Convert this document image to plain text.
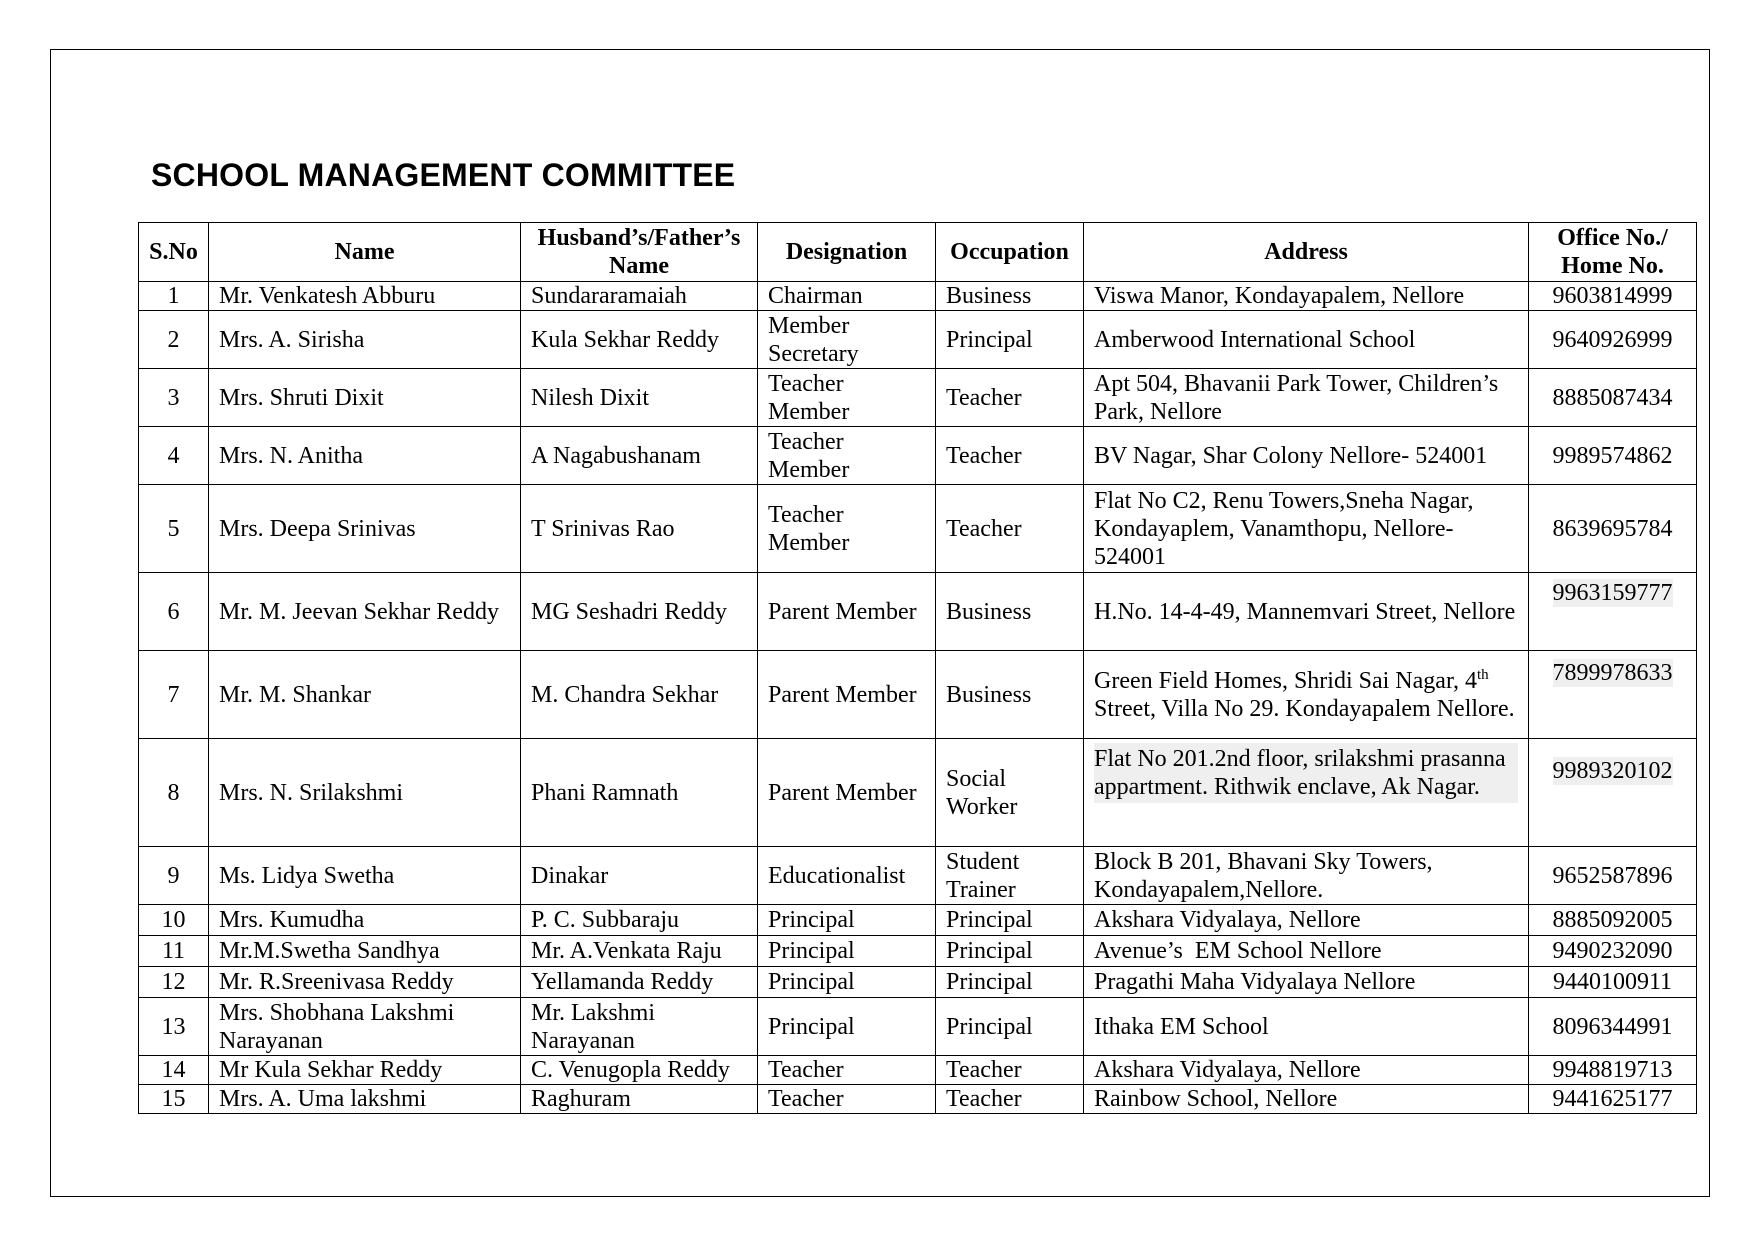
SCHOOL MANAGEMENT COMMITTEE
S.No	Name	Husband’s/Father’s Name	Designation	Occupation	Address	Office No./ Home No.
1	Mr. Venkatesh Abburu	Sundararamaiah	Chairman	Business	Viswa Manor, Kondayapalem, Nellore	9603814999
2	Mrs. A. Sirisha	Kula Sekhar Reddy	Member Secretary	Principal	Amberwood International School	9640926999
3	Mrs. Shruti Dixit	Nilesh Dixit	Teacher Member	Teacher	Apt 504, Bhavanii Park Tower, Children’s Park, Nellore	8885087434
4	Mrs. N. Anitha	A Nagabushanam	Teacher Member	Teacher	BV Nagar, Shar Colony Nellore- 524001	9989574862
5	Mrs. Deepa Srinivas	T Srinivas Rao	Teacher Member	Teacher	Flat No C2, Renu Towers,Sneha Nagar, Kondayaplem, Vanamthopu, Nellore-524001	8639695784
6	Mr. M. Jeevan Sekhar Reddy	MG Seshadri Reddy	Parent Member	Business	H.No. 14-4-49, Mannemvari Street, Nellore	9963159777
7	Mr. M. Shankar	M. Chandra Sekhar	Parent Member	Business	Green Field Homes, Shridi Sai Nagar, 4th Street, Villa No 29. Kondayapalem Nellore.	7899978633
8	Mrs. N. Srilakshmi	Phani Ramnath	Parent Member	Social Worker	Flat No 201.2nd floor, srilakshmi prasanna appartment. Rithwik enclave, Ak Nagar.	9989320102
9	Ms. Lidya Swetha	Dinakar	Educationalist	Student Trainer	Block B 201, Bhavani Sky Towers, Kondayapalem,Nellore.	9652587896
10	Mrs. Kumudha	P. C. Subbaraju	Principal	Principal	Akshara Vidyalaya, Nellore	8885092005
11	Mr.M.Swetha Sandhya	Mr. A.Venkata Raju	Principal	Principal	Avenue’s  EM School Nellore	9490232090
12	Mr. R.Sreenivasa Reddy	Yellamanda Reddy	Principal	Principal	Pragathi Maha Vidyalaya Nellore	9440100911
13	Mrs. Shobhana Lakshmi Narayanan	Mr. Lakshmi Narayanan	Principal	Principal	Ithaka EM School	8096344991
14	Mr Kula Sekhar Reddy	C. Venugopla Reddy	Teacher	Teacher	Akshara Vidyalaya, Nellore	9948819713
15	Mrs. A. Uma lakshmi	Raghuram	Teacher	Teacher	Rainbow School, Nellore	9441625177
